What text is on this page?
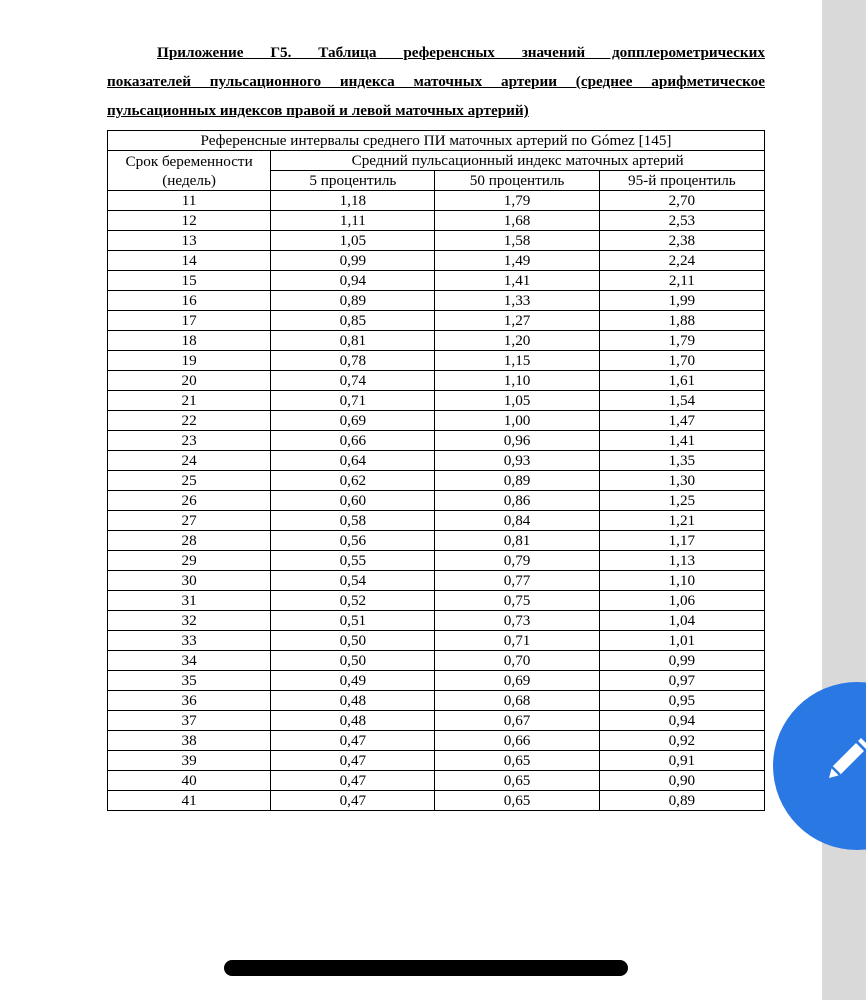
Приложение Г5. Таблица референсных значений допплерометрических
показателей пульсационного индекса маточных артерии (среднее арифметическое
пульсационных индексов правой и левой маточных артерий)
Референсные интервалы среднего ПИ маточных артерий по Gómez [145]			
Срок беременности
(недель)	Средний пульсационный индекс маточных артерий		
	5 процентиль	50 процентиль	95-й процентиль
11	1,18	1,79	2,70
12	1,11	1,68	2,53
13	1,05	1,58	2,38
14	0,99	1,49	2,24
15	0,94	1,41	2,11
16	0,89	1,33	1,99
17	0,85	1,27	1,88
18	0,81	1,20	1,79
19	0,78	1,15	1,70
20	0,74	1,10	1,61
21	0,71	1,05	1,54
22	0,69	1,00	1,47
23	0,66	0,96	1,41
24	0,64	0,93	1,35
25	0,62	0,89	1,30
26	0,60	0,86	1,25
27	0,58	0,84	1,21
28	0,56	0,81	1,17
29	0,55	0,79	1,13
30	0,54	0,77	1,10
31	0,52	0,75	1,06
32	0,51	0,73	1,04
33	0,50	0,71	1,01
34	0,50	0,70	0,99
35	0,49	0,69	0,97
36	0,48	0,68	0,95
37	0,48	0,67	0,94
38	0,47	0,66	0,92
39	0,47	0,65	0,91
40	0,47	0,65	0,90
41	0,47	0,65	0,89
